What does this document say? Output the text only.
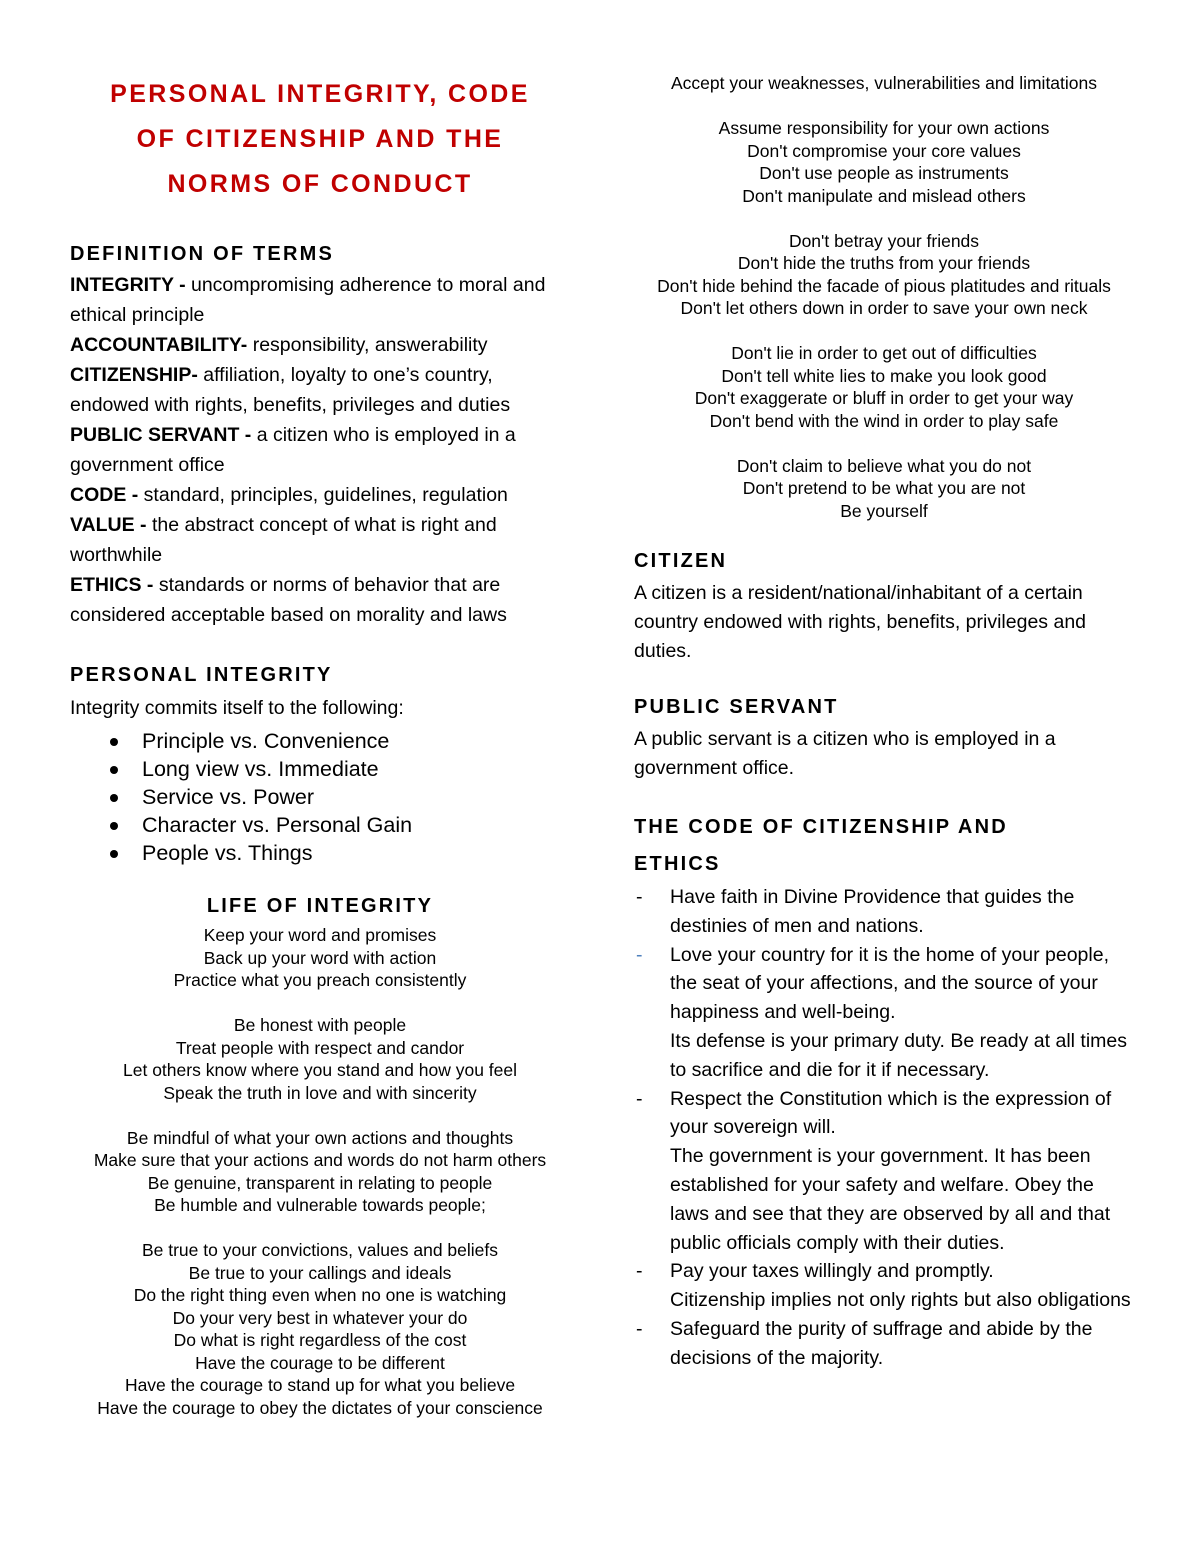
PERSONAL INTEGRITY, CODE
OF CITIZENSHIP AND THE
NORMS OF CONDUCT
DEFINITION OF TERMS
INTEGRITY - uncompromising adherence to moral and ethical principle
ACCOUNTABILITY- responsibility, answerability
CITIZENSHIP- affiliation, loyalty to one’s country, endowed with rights, benefits, privileges and duties
PUBLIC SERVANT - a citizen who is employed in a government office
CODE - standard, principles, guidelines, regulation
VALUE - the abstract concept of what is right and worthwhile
ETHICS - standards or norms of behavior that are considered acceptable based on morality and laws
PERSONAL INTEGRITY
Integrity commits itself to the following:
Principle vs. Convenience
Long view vs. Immediate
Service vs. Power
Character vs. Personal Gain
People vs. Things
LIFE OF INTEGRITY
Keep your word and promises
Back up your word with action
Practice what you preach consistently
Be honest with people
Treat people with respect and candor
Let others know where you stand and how you feel
Speak the truth in love and with sincerity
Be mindful of what your own actions and thoughts
Make sure that your actions and words do not harm others
Be genuine, transparent in relating to people
Be humble and vulnerable towards people;
Be true to your convictions, values and beliefs
Be true to your callings and ideals
Do the right thing even when no one is watching
Do your very best in whatever your do
Do what is right regardless of the cost
Have the courage to be different
Have the courage to stand up for what you believe
Have the courage to obey the dictates of your conscience
Accept your weaknesses, vulnerabilities and limitations
Assume responsibility for your own actions
Don't compromise your core values
Don't use people as instruments
Don't manipulate and mislead others
Don't betray your friends
Don't hide the truths from your friends
Don't hide behind the facade of pious platitudes and rituals
Don't let others down in order to save your own neck
Don't lie in order to get out of difficulties
Don't tell white lies to make you look good
Don't exaggerate or bluff in order to get your way
Don't bend with the wind in order to play safe
Don't claim to believe what you do not
Don't pretend to be what you are not
Be yourself
CITIZEN
A citizen is a resident/national/inhabitant of a certain country endowed with rights, benefits, privileges and duties.
PUBLIC SERVANT
A public servant is a citizen who is employed in a government office.
THE CODE OF CITIZENSHIP AND
ETHICS
- Have faith in Divine Providence that guides the destinies of men and nations.
- Love your country for it is the home of your people, the seat of your affections, and the source of your happiness and well-being.
Its defense is your primary duty. Be ready at all times to sacrifice and die for it if necessary.
- Respect the Constitution which is the expression of your sovereign will.
The government is your government. It has been established for your safety and welfare. Obey the laws and see that they are observed by all and that public officials comply with their duties.
- Pay your taxes willingly and promptly.
Citizenship implies not only rights but also obligations
- Safeguard the purity of suffrage and abide by the decisions of the majority.
